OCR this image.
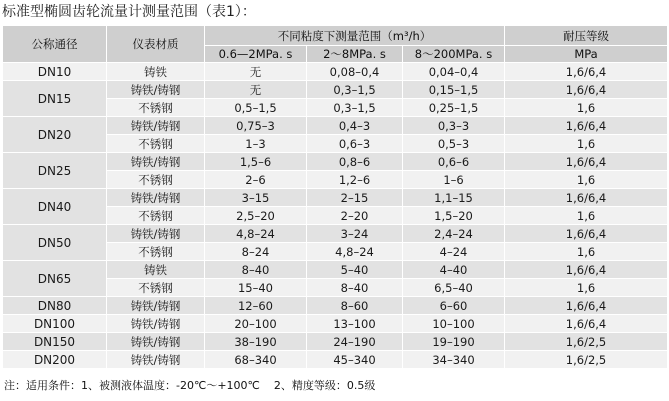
标准型椭圆齿轮流量计测量范围（表1）：
公称通径	仪表材质	不同粘度下测量范围（m³/h）			耐压等级
		0.6—2MPa. s	2～8MPa. s	8～200MPa. s	MPa
DN10	铸铁	无	0,08–0,4	0,04–0,4	1,6/6,4
DN15	铸铁/铸钢	无	0,3–1,5	0,15–1,5	1,6/6,4
	不锈钢	0,5–1,5	0,3–1,5	0,25–1,5	1,6
DN20	铸铁/铸钢	0,75–3	0,4–3	0,3–3	1,6/6,4
	不锈钢	1–3	0,6–3	0,5–3	1,6
DN25	铸铁/铸钢	1,5–6	0,8–6	0,6–6	1,6/6,4
	不锈钢	2–6	1,2–6	1–6	1,6
DN40	铸铁/铸钢	3–15	2–15	1,1–15	1,6/6,4
	不锈钢	2,5–20	2–20	1,5–20	1,6
DN50	铸铁/铸钢	4,8–24	3–24	2,4–24	1,6/6,4
	不锈钢	8–24	4,8–24	4–24	1,6
DN65	铸铁	8–40	5–40	4–40	1,6/6,4
	不锈钢	15–40	8–40	6,5–40	1,6
DN80	铸铁/铸钢	12–60	8–60	6–60	1,6/6,4
DN100	铸铁/铸钢	20–100	13–100	10–100	1,6/6,4
DN150	铸铁/铸钢	38–190	24–190	19–190	1,6/2,5
DN200	铸铁/铸钢	68–340	45–340	34–340	1,6/2,5
注：适用条件：1、被测液体温度：-20℃～+100℃    2、精度等级：0.5级
